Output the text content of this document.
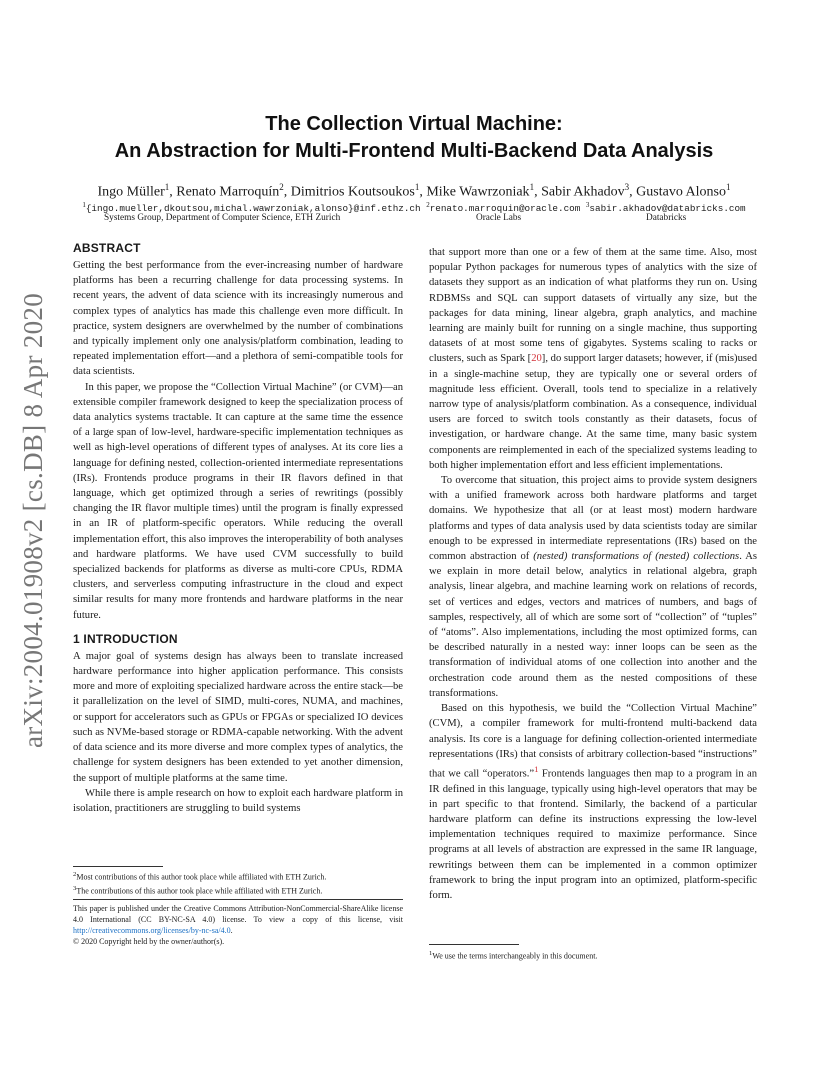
arXiv:2004.01908v2 [cs.DB] 8 Apr 2020
The Collection Virtual Machine:
An Abstraction for Multi-Frontend Multi-Backend Data Analysis
Ingo Müller$^1$, Renato Marroquín$^2$, Dimitrios Koutsoukos$^1$, Mike Wawrzoniak$^1$, Sabir Akhadov$^3$, Gustavo Alonso$^1$
$^1${ingo.mueller,dkoutsou,michal.wawrzoniak,alonso}@inf.ethz.ch $^2$renato.marroquin@oracle.com $^3$sabir.akhadov@databricks.com
Systems Group, Department of Computer Science, ETH Zurich	Oracle Labs	Databricks
ABSTRACT

Getting the best performance from the ever-increasing number of hardware platforms has been a recurring challenge for data processing systems. In recent years, the advent of data science with its increasingly numerous and complex types of analytics has made this challenge even more difficult. In practice, system designers are overwhelmed by the number of combinations and typically implement only one analysis/platform combination, leading to repeated implementation effort—and a plethora of semi-compatible tools for data scientists.

In this paper, we propose the “Collection Virtual Machine” (or CVM)—an extensible compiler framework designed to keep the specialization process of data analytics systems tractable. It can capture at the same time the essence of a large span of low-level, hardware-specific implementation techniques as well as high-level operations of different types of analyses. At its core lies a language for defining nested, collection-oriented intermediate representations (IRs). Frontends produce programs in their IR flavors defined in that language, which get optimized through a series of rewritings (possibly changing the IR flavor multiple times) until the program is finally expressed in an IR of platform-specific operators. While reducing the overall implementation effort, this also improves the interoperability of both analyses and hardware platforms. We have used CVM successfully to build specialized backends for platforms as diverse as multi-core CPUs, RDMA clusters, and serverless computing infrastructure in the cloud and expect similar results for many more frontends and hardware platforms in the near future.

1 INTRODUCTION

A major goal of systems design has always been to translate increased hardware performance into higher application performance. This consists more and more of exploiting specialized hardware across the entire stack—be it parallelization on the level of SIMD, multi-cores, NUMA, and machines, or support for accelerators such as GPUs or FPGAs or specialized IO devices such as NVMe-based storage or RDMA-capable networking. With the advent of data science and its more diverse and more complex types of analytics, the challenge for system designers has been extended to yet another dimension, the support of multiple platforms at the same time.

While there is ample research on how to exploit each hardware platform in isolation, practitioners are struggling to build systems

$^2$Most contributions of this author took place while affiliated with ETH Zurich.
$^3$The contributions of this author took place while affiliated with ETH Zurich.
This paper is published under the Creative Commons Attribution-NonCommercial-ShareAlike license 4.0 International (CC BY-NC-SA 4.0) license. To view a copy of this license, visit http://creativecommons.org/licenses/by-nc-sa/4.0.
© 2020 Copyright held by the owner/author(s).

that support more than one or a few of them at the same time. Also, most popular Python packages for numerous types of analytics with the size of datasets they support as an indication of what platforms they run on. Using RDBMSs and SQL can support datasets of virtually any size, but the packages for data mining, linear algebra, graph analytics, and machine learning are mainly built for running on a single machine, thus supporting datasets of at most some tens of gigabytes. Systems scaling to racks or clusters, such as Spark [20], do support larger datasets; however, if (mis)used in a single-machine setup, they are typically one or several orders of magnitude less efficient. Overall, tools tend to specialize in a relatively narrow type of analysis/platform combination. As a consequence, individual users are forced to switch tools constantly as their datasets, focus of investigation, or hardware change. At the same time, many basic system components are reimplemented in each of the specialized systems leading to both higher implementation effort and less efficient implementations.

To overcome that situation, this project aims to provide system designers with a unified framework across both hardware platforms and target domains. We hypothesize that all (or at least most) modern hardware platforms and types of data analysis used by data scientists today are similar enough to be expressed in intermediate representations (IRs) based on the common abstraction of (nested) transformations of (nested) collections. As we explain in more detail below, analytics in relational algebra, graph analysis, linear algebra, and machine learning work on relations of records, set of vertices and edges, vectors and matrices of numbers, and bags of samples, respectively, all of which are some sort of “collection” of “tuples” of “atoms”. Also implementations, including the most optimized forms, can be described naturally in a nested way: inner loops can be seen as the transformation of individual atoms of one collection into another and the orchestration code around them as the nested compositions of these transformations.

Based on this hypothesis, we build the “Collection Virtual Machine” (CVM), a compiler framework for multi-frontend multi-backend data analysis. Its core is a language for defining collection-oriented intermediate representations (IRs) that consists of arbitrary collection-based “instructions” that we call “operators.”$^1$ Frontends languages then map to a program in an IR defined in this language, typically using high-level operators that may be in part specific to that frontend. Similarly, the backend of a particular hardware platform can define its instructions expressing the low-level implementation techniques required to maximize performance. Since programs at all levels of abstraction are expressed in the same IR language, rewritings between them can be implemented in a common optimizer framework to bring the input program into an optimized, platform-specific form.

$^1$We use the terms interchangeably in this document.
